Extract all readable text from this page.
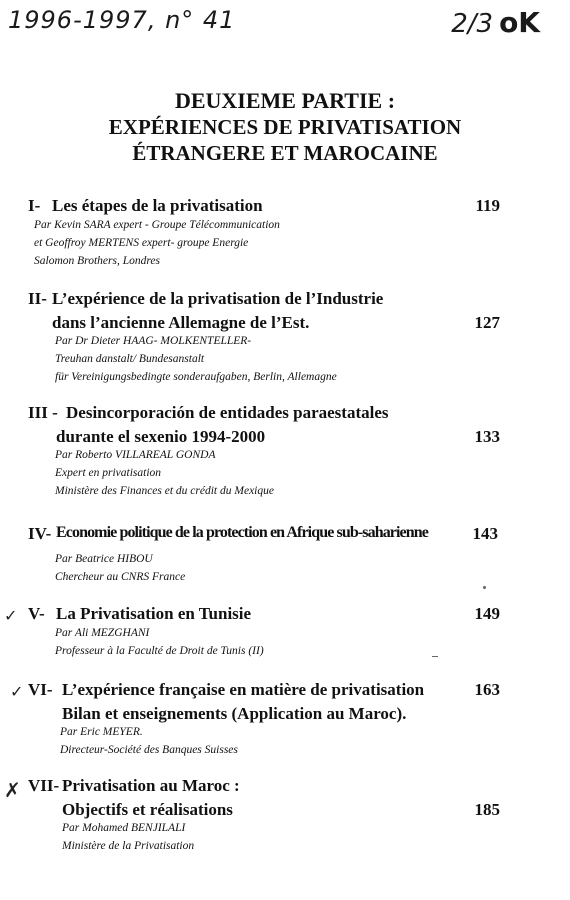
1996-1997, n° 41	2/3 oK
DEUXIEME PARTIE :
EXPÉRIENCES DE PRIVATISATION
ÉTRANGERE ET MAROCAINE
I- Les étapes de la privatisation	119
Par Kevin SARA expert - Groupe Télécommunication
et Geoffroy MERTENS expert- groupe Energie
Salomon Brothers, Londres
II- L’expérience de la privatisation de l’Industrie
dans l’ancienne Allemagne de l’Est.	127
Par Dr Dieter HAAG- MOLKENTELLER-
Treuhan danstalt/ Bundesanstalt
für Vereinigungsbedingte sonderaufgaben, Berlin, Allemagne
III - Desincorporación de entidades paraestatales
durante el sexenio 1994-2000	133
Par Roberto VILLAREAL GONDA
Expert en privatisation
Ministère des Finances et du crédit du Mexique
IV- Economie politique de la protection en Afrique sub-saharienne	143
Par Beatrice HIBOU
Chercheur au CNRS France
✓ V- La Privatisation en Tunisie	149
Par Ali MEZGHANI
Professeur à la Faculté de Droit de Tunis (II)
✓ VI- L’expérience française en matière de privatisation	163
Bilan et enseignements (Application au Maroc).
Par Eric MEYER.
Directeur-Société des Banques Suisses
✗ VII- Privatisation au Maroc :
Objectifs et réalisations	185
Par Mohamed BENJILALI
Ministère de la Privatisation
